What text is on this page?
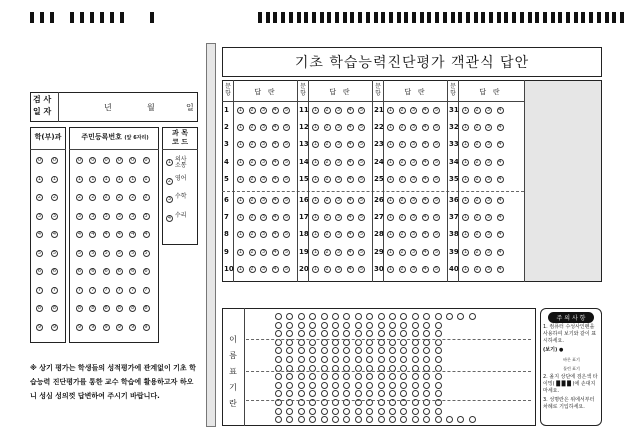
검 사
일 자	년	월	일
학(부)과	주민등록번호 (앞 6자리)
과 목
코 드
※ 상기 평가는 학생들의 성적평가에 관계없이 기초 학습능력 진단평가를 통한 교수 학습에 활용하고자 하오니 성심 성의껏 답변하여 주시기 바랍니다.
기초 학습능력진단평가 객관식 답안
이
름
표
기
란
주 의 사 항
1. 컴퓨터 수성사인펜을 사용하여 보기와 같이 표시하세요.
(보기) ●
바른 표기
틀린 표기
2. 올지 상단에 검은색 타이밍( █ █ █ )에 손대지 마세요.
3. 성명란은 위에서부터 차례로 기입하세요.
0
1
2
3
4
5
6
7
8
9
0
1
2
3
4
5
6
7
8
9
0
1
2
3
4
5
6
7
8
9
0
1
2
3
4
5
6
7
8
9
0
1
2
3
4
5
6
7
8
9
0
1
2
3
4
5
6
7
8
9
0
1
2
3
4
5
6
7
8
9
0
1
2
3
4
5
6
7
8
9
1 의사
소통
2 영어
3 수학
4 수리
문
항	답   란
1	1	2	3	4	5
2	1	2	3	4	5
3	1	2	3	4	5
4	1	2	3	4	5
5	1	2	3	4	5
6	1	2	3	4	5
7	1	2	3	4	5
8	1	2	3	4	5
9	1	2	3	4	5
10	1	2	3	4	5
문
항	답   란
11	1	2	3	4	5
12	1	2	3	4	5
13	1	2	3	4	5
14	1	2	3	4	5
15	1	2	3	4	5
16	1	2	3	4	5
17	1	2	3	4	5
18	1	2	3	4	5
19	1	2	3	4	5
20	1	2	3	4	5
문
항	답   란
21	1	2	3	4	5
22	1	2	3	4	5
23	1	2	3	4	5
24	1	2	3	4	5
25	1	2	3	4	5
26	1	2	3	4	5
27	1	2	3	4	5
28	1	2	3	4	5
29	1	2	3	4	5
30	1	2	3	4	5
문
항	답   란
31	1	2	3	4
32	1	2	3	4
33	1	2	3	4
34	1	2	3	4
35	1	2	3	4
36	1	2	3	4
37	1	2	3	4
38	1	2	3	4
39	1	2	3	4
40	1	2	3	4
